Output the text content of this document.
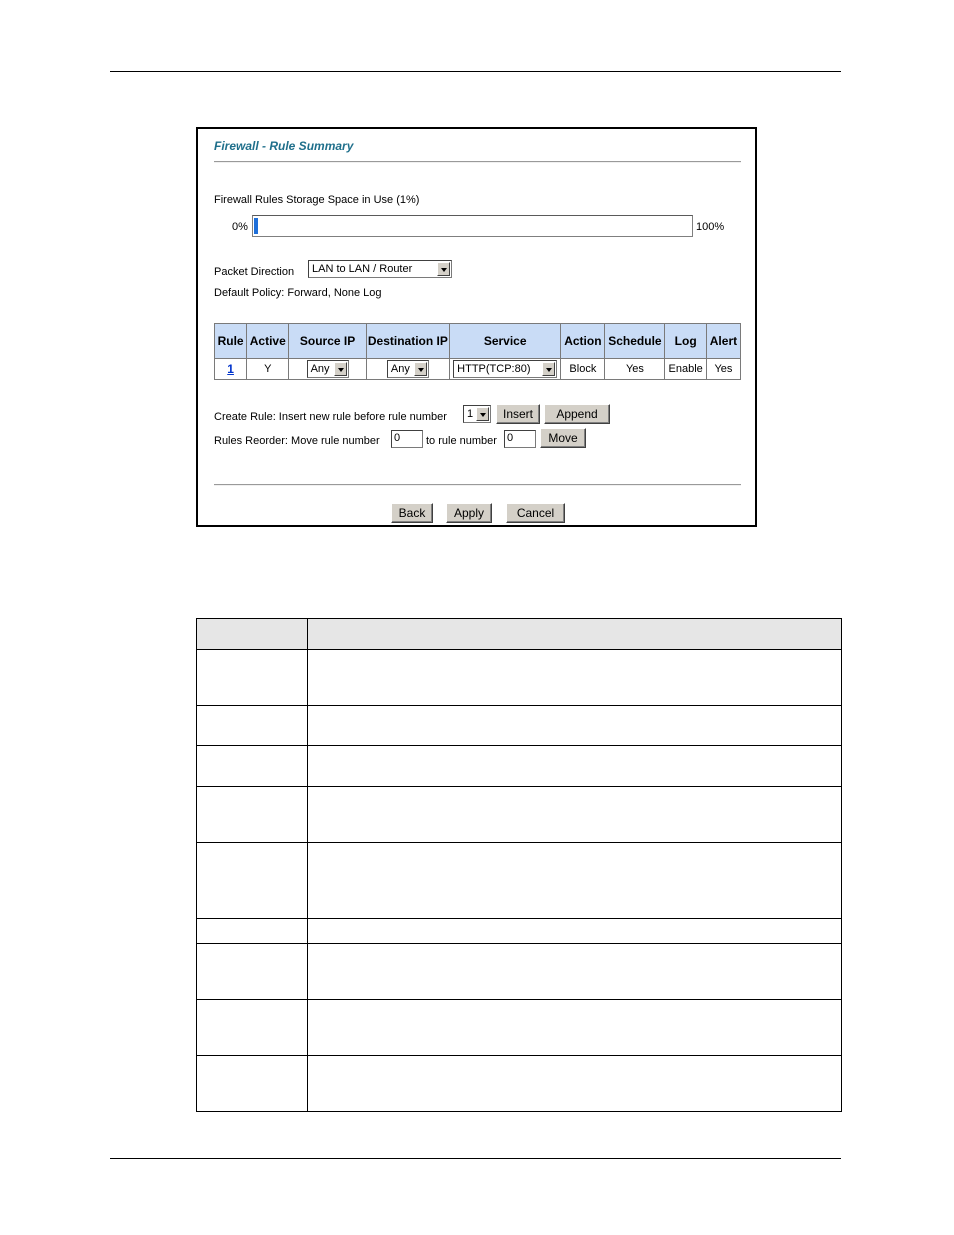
Firewall - Rule Summary
Firewall Rules Storage Space in Use (1%)
0%	100%
Packet Direction LAN to LAN / Router
Default Policy: Forward, None Log
Rule	Active	Source IP	Destination IP	Service	Action	Schedule	Log	Alert
1	Y	Any	Any	HTTP(TCP:80)	Block	Yes	Enable	Yes
Create Rule: Insert new rule before rule number 1	Insert	Append
Rules Reorder: Move rule number 0	to rule number 0	Move
Back	Apply	Cancel
